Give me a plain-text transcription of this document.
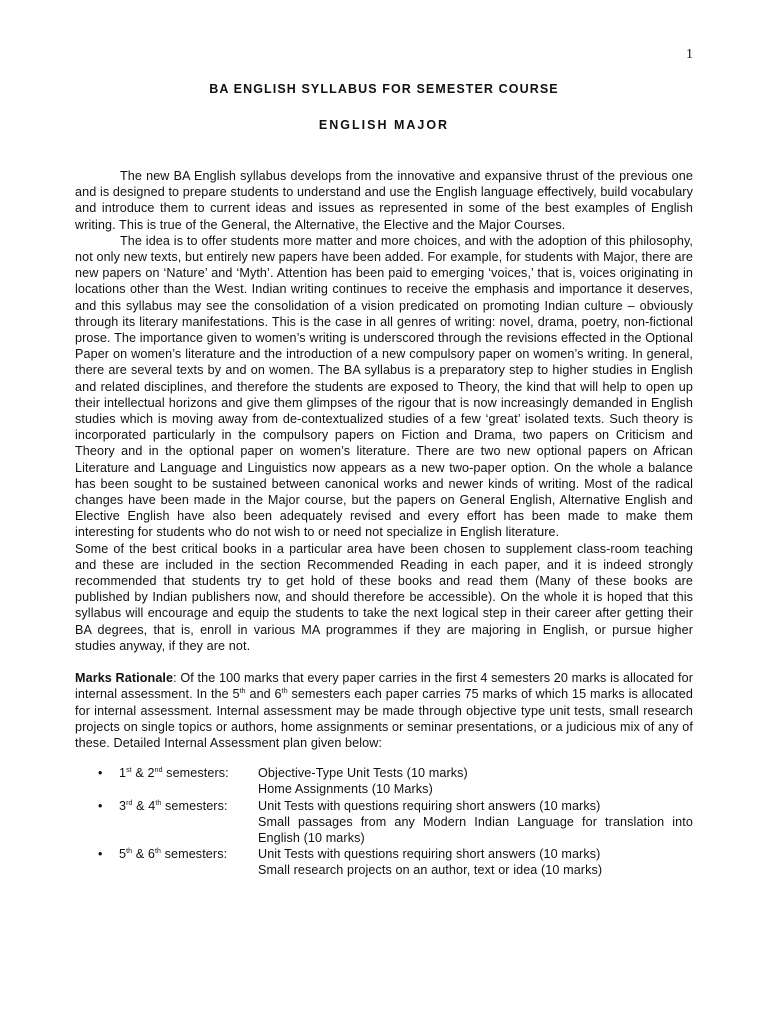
1
BA ENGLISH SYLLABUS FOR SEMESTER COURSE
ENGLISH MAJOR

The new BA English syllabus develops from the innovative and expansive thrust of the previous one and is designed to prepare students to understand and use the English language effectively, build vocabulary and introduce them to current ideas and issues as represented in some of the best examples of English writing. This is true of the General, the Alternative, the Elective and the Major Courses.

The idea is to offer students more matter and more choices, and with the adoption of this philosophy, not only new texts, but entirely new papers have been added. For example, for students with Major, there are new papers on ‘Nature’ and ‘Myth’. Attention has been paid to emerging ‘voices,’ that is, voices originating in locations other than the West. Indian writing continues to receive the emphasis and importance it deserves, and this syllabus may see the consolidation of a vision predicated on promoting Indian culture – obviously through its literary manifestations. This is the case in all genres of writing: novel, drama, poetry, non-fictional prose. The importance given to women’s writing is underscored through the revisions effected in the Optional Paper on women’s literature and the introduction of a new compulsory paper on women’s writing. In general, there are several texts by and on women. The BA syllabus is a preparatory step to higher studies in English and related disciplines, and therefore the students are exposed to Theory, the kind that will help to open up their intellectual horizons and give them glimpses of the rigour that is now increasingly demanded in English studies which is moving away from de-contextualized studies of a few ‘great’ isolated texts. Such theory is incorporated particularly in the compulsory papers on Fiction and Drama, two papers on Criticism and Theory and in the optional paper on women’s literature. There are two new optional papers on African Literature and Language and Linguistics now appears as a new two-paper option. On the whole a balance has been sought to be sustained between canonical works and newer kinds of writing. Most of the radical changes have been made in the Major course, but the papers on General English, Alternative English and Elective English have also been adequately revised and every effort has been made to make them interesting for students who do not wish to or need not specialize in English literature.

Some of the best critical books in a particular area have been chosen to supplement class-room teaching and these are included in the section Recommended Reading in each paper, and it is indeed strongly recommended that students try to get hold of these books and read them (Many of these books are published by Indian publishers now, and should therefore be accessible). On the whole it is hoped that this syllabus will encourage and equip the students to take the next logical step in their career after getting their BA degrees, that is, enroll in various MA programmes if they are majoring in English, or pursue higher studies anyway, if they are not.

Marks Rationale: Of the 100 marks that every paper carries in the first 4 semesters 20 marks is allocated for internal assessment. In the 5th and 6th semesters each paper carries 75 marks of which 15 marks is allocated for internal assessment. Internal assessment may be made through objective type unit tests, small research projects on single topics or authors, home assignments or seminar presentations, or a judicious mix of any of these. Detailed Internal Assessment plan given below:

• 1st & 2nd semesters: Objective-Type Unit Tests (10 marks)
Home Assignments (10 Marks)
• 3rd & 4th semesters: Unit Tests with questions requiring short answers (10 marks)
Small passages from any Modern Indian Language for translation into English (10 marks)
• 5th & 6th semesters: Unit Tests with questions requiring short answers (10 marks)
Small research projects on an author, text or idea (10 marks)
